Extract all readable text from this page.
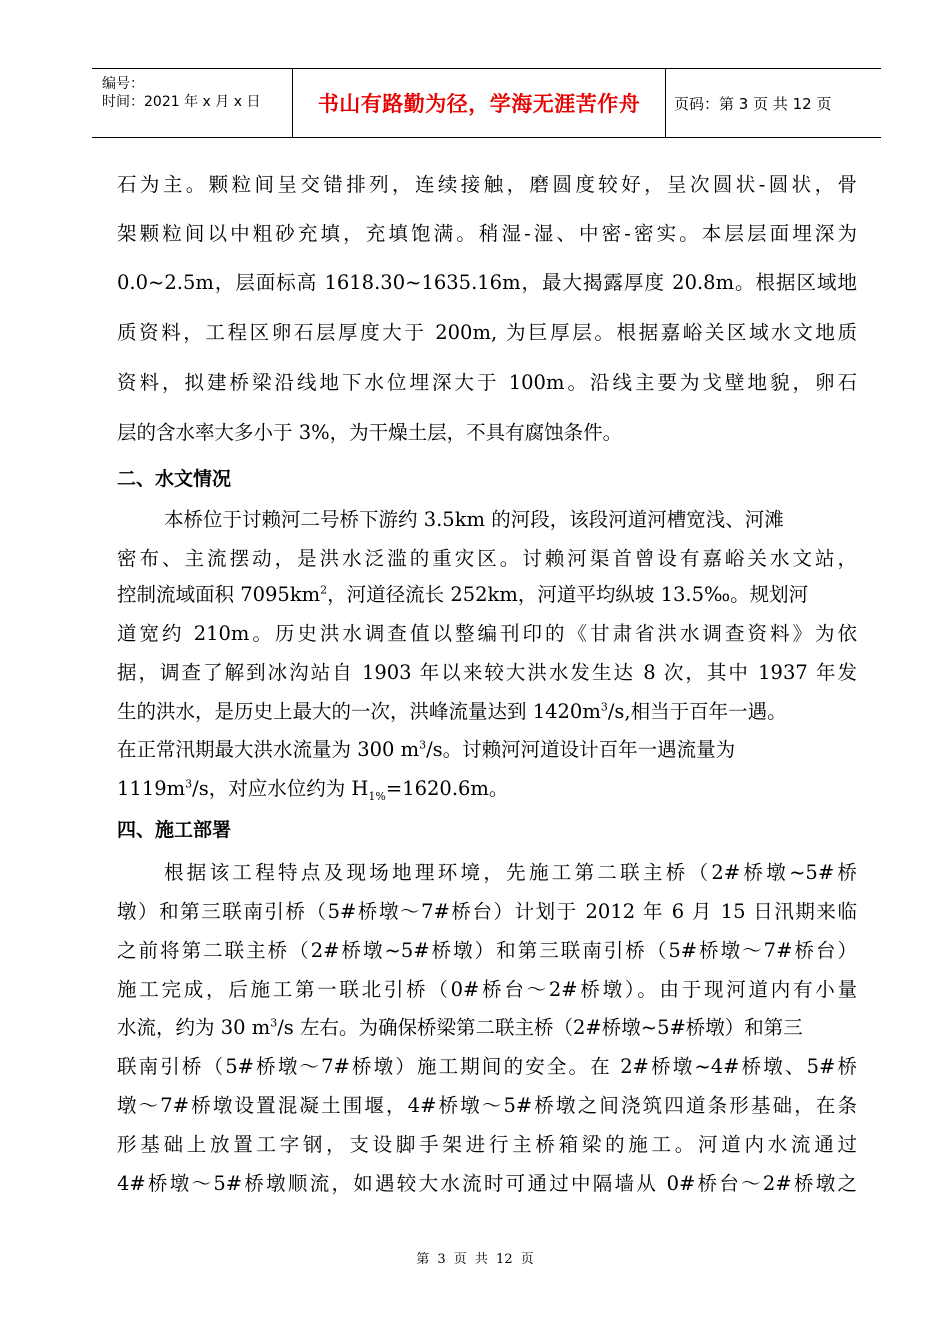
编号：
时间：2021 年 x 月 x 日	书山有路勤为径，学海无涯苦作舟 页码：第 3 页 共 12 页
石为主。颗粒间呈交错排列，连续接触，磨圆度较好，呈次圆状-圆状，骨
架颗粒间以中粗砂充填，充填饱满。稍湿-湿、中密-密实。本层层面埋深为
0.0~2.5m，层面标高 1618.30~1635.16m，最大揭露厚度 20.8m。根据区域地
质资料，工程区卵石层厚度大于 200m, 为巨厚层。根据嘉峪关区域水文地质
资料，拟建桥梁沿线地下水位埋深大于 100m。沿线主要为戈壁地貌，卵石
层的含水率大多小于 3%，为干燥土层，不具有腐蚀条件。
二、水文情况
本桥位于讨赖河二号桥下游约 3.5km 的河段，该段河道河槽宽浅、河滩
密布、主流摆动，是洪水泛滥的重灾区。讨赖河渠首曾设有嘉峪关水文站，
控制流域面积 $7095km^2$，河道径流长 252km，河道平均纵坡 13.5‰。规划河
道宽约 210m。历史洪水调查值以整编刊印的《甘肃省洪水调查资料》为依
据，调查了解到冰沟站自 1903 年以来较大洪水发生达 8 次，其中 1937 年发
生的洪水，是历史上最大的一次，洪峰流量达到 $1420m^3/s$,相当于百年一遇。
在正常汛期最大洪水流量为 300 $m^3/s$。讨赖河河道设计百年一遇流量为
$1119m^3/s$，对应水位约为 $H_{1\%}=1620.6m$。
四、施工部署
根据该工程特点及现场地理环境，先施工第二联主桥（2#桥墩~5#桥
墩）和第三联南引桥（5#桥墩～7#桥台）计划于 2012 年 6 月 15 日汛期来临
之前将第二联主桥（2#桥墩~5#桥墩）和第三联南引桥（5#桥墩～7#桥台）
施工完成，后施工第一联北引桥（0#桥台～2#桥墩）。由于现河道内有小量
水流，约为 30 $m^3/s$ 左右。为确保桥梁第二联主桥（2#桥墩~5#桥墩）和第三
联南引桥（5#桥墩～7#桥墩）施工期间的安全。在 2#桥墩~4#桥墩、5#桥
墩～7#桥墩设置混凝土围堰，4#桥墩～5#桥墩之间浇筑四道条形基础，在条
形基础上放置工字钢，支设脚手架进行主桥箱梁的施工。河道内水流通过
4#桥墩～5#桥墩顺流，如遇较大水流时可通过中隔墙从 0#桥台～2#桥墩之
第 3 页 共 12 页
